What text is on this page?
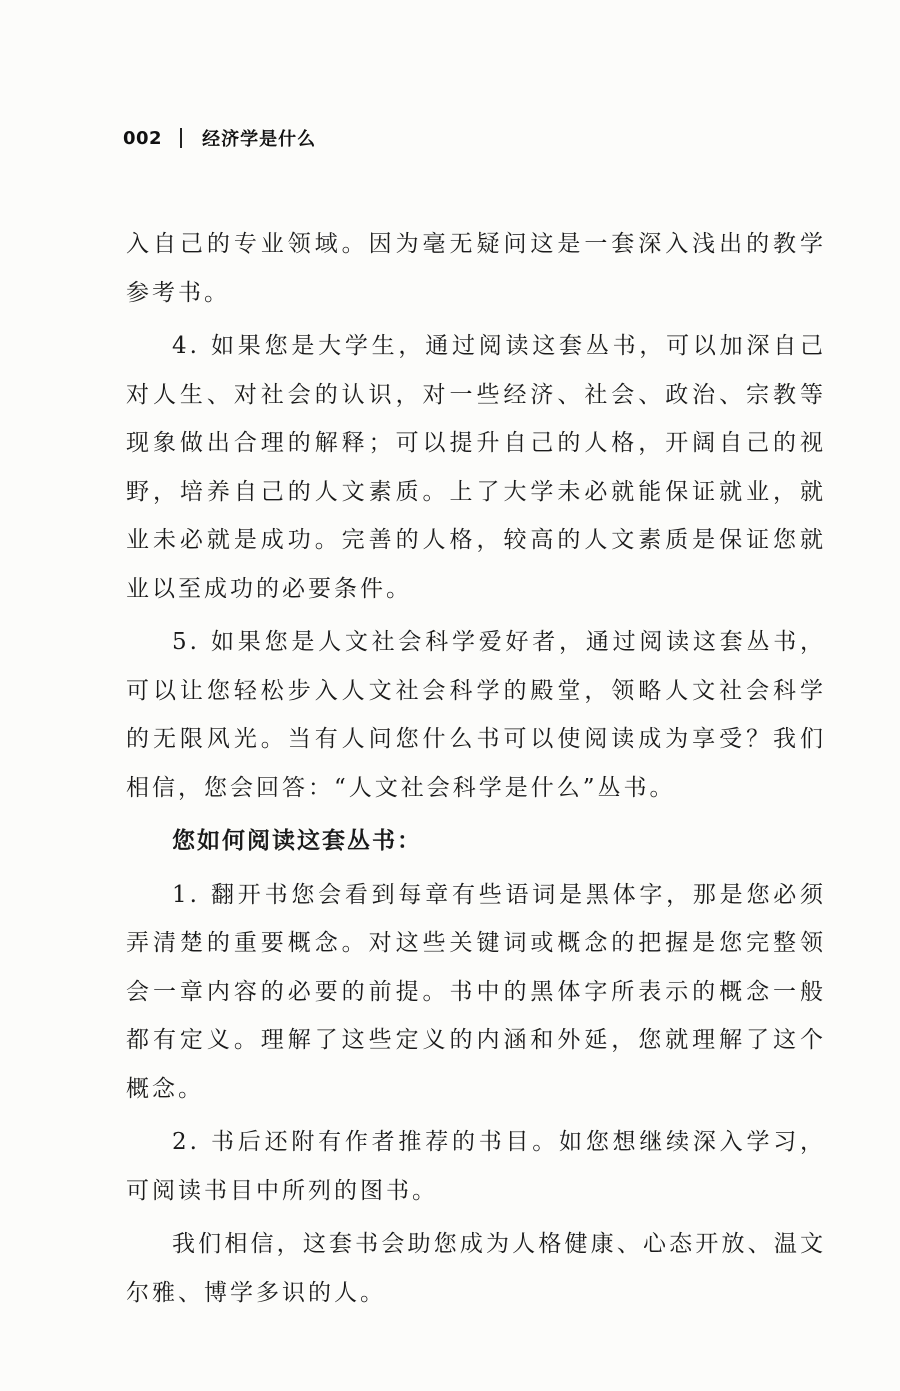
002 经济学是什么

入自己的专业领域。因为毫无疑问这是一套深入浅出的教学参考书。

4. 如果您是大学生，通过阅读这套丛书，可以加深自己对人生、对社会的认识，对一些经济、社会、政治、宗教等现象做出合理的解释；可以提升自己的人格，开阔自己的视野，培养自己的人文素质。上了大学未必就能保证就业，就业未必就是成功。完善的人格，较高的人文素质是保证您就业以至成功的必要条件。

5. 如果您是人文社会科学爱好者，通过阅读这套丛书，可以让您轻松步入人文社会科学的殿堂，领略人文社会科学的无限风光。当有人问您什么书可以使阅读成为享受？我们相信，您会回答：“人文社会科学是什么”丛书。

您如何阅读这套丛书：

1. 翻开书您会看到每章有些语词是黑体字，那是您必须弄清楚的重要概念。对这些关键词或概念的把握是您完整领会一章内容的必要的前提。书中的黑体字所表示的概念一般都有定义。理解了这些定义的内涵和外延，您就理解了这个概念。

2. 书后还附有作者推荐的书目。如您想继续深入学习，可阅读书目中所列的图书。

我们相信，这套书会助您成为人格健康、心态开放、温文尔雅、博学多识的人。
